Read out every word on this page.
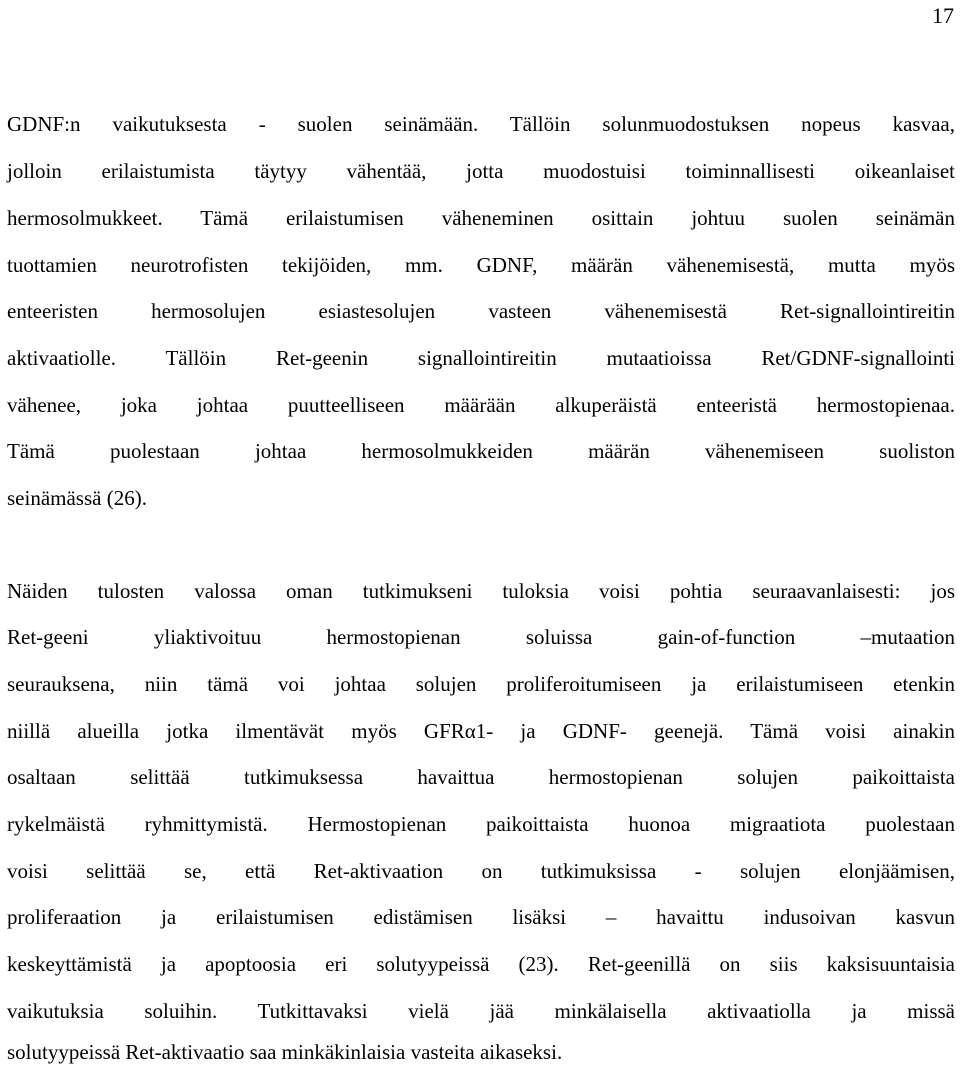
17
GDNF:n vaikutuksesta - suolen seinämään. Tällöin solunmuodostuksen nopeus kasvaa,
jolloin erilaistumista täytyy vähentää, jotta muodostuisi toiminnallisesti oikeanlaiset
hermosolmukkeet. Tämä erilaistumisen väheneminen osittain johtuu suolen seinämän
tuottamien neurotrofisten tekijöiden, mm. GDNF, määrän vähenemisestä, mutta myös
enteeristen hermosolujen esiastesolujen vasteen vähenemisestä Ret-signallointireitin
aktivaatiolle. Tällöin Ret-geenin signallointireitin mutaatioissa Ret/GDNF-signallointi
vähenee, joka johtaa puutteelliseen määrään alkuperäistä enteeristä hermostopienaa.
Tämä puolestaan johtaa hermosolmukkeiden määrän vähenemiseen suoliston
seinämässä (26).
Näiden tulosten valossa oman tutkimukseni tuloksia voisi pohtia seuraavanlaisesti: jos
Ret-geeni yliaktivoituu hermostopienan soluissa gain-of-function –mutaation
seurauksena, niin tämä voi johtaa solujen proliferoitumiseen ja erilaistumiseen etenkin
niillä alueilla jotka ilmentävät myös GFRα1- ja GDNF- geenejä. Tämä voisi ainakin
osaltaan selittää tutkimuksessa havaittua hermostopienan solujen paikoittaista
rykelmäistä ryhmittymistä. Hermostopienan paikoittaista huonoa migraatiota puolestaan
voisi selittää se, että Ret-aktivaation on tutkimuksissa - solujen elonjäämisen,
proliferaation ja erilaistumisen edistämisen lisäksi – havaittu indusoivan kasvun
keskeyttämistä ja apoptoosia eri solutyypeissä (23). Ret-geenillä on siis kaksisuuntaisia
vaikutuksia soluihin. Tutkittavaksi vielä jää minkälaisella aktivaatiolla ja missä
solutyypeissä Ret-aktivaatio saa minkäkinlaisia vasteita aikaseksi.
